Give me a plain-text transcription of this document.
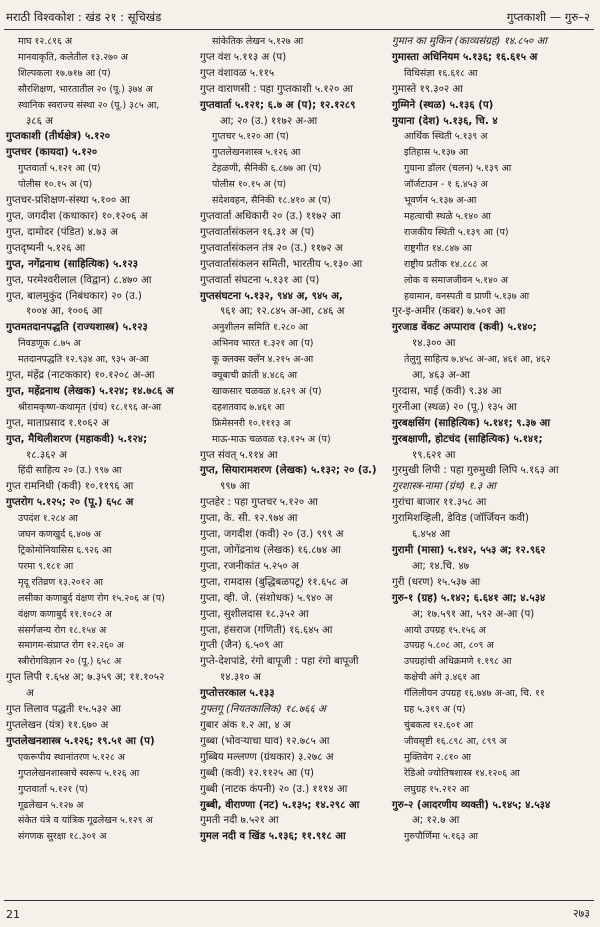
मराठी विश्वकोश : खंड २१ : सूचिखंड	गुप्तकाशी — गुरु–२
माघ १२.८१६ अ
मानवाकृति, कलेतील १३.२७० अ
शिल्पकला १७.७१७ आ (प)
सौरशिक्षण, भारतातील २० (पू.) ३७४ अ
स्थानिक स्वराज्य संस्था २० (पू.) ३८५ आ,
३८६ अ
गुप्तकाशी (तीर्थक्षेत्र) ५.१२०
गुप्तचर (कायदा) ५.१२०
गुप्तवार्ता ५.१२१ आ (प)
पोलीस १०.१५ अ (प)
गुप्तचर-प्रशिक्षण-संस्था ५.१०० आ
गुप्त, जगदीश (कथाकार) १०.१२०६ अ
गुप्त, दामोदर (पंडित) ४.७३ अ
गुप्तदृष्यनी ५.१२६ आ
गुप्त, नगेंद्रनाथ (साहित्यिक) ५.१२३
गुप्त, परमेश्वरीलाल (विद्वान) ८.४७० आ
गुप्त, बालमुकुंद (निबंधकार) २० (उ.)
१००४ आ, १००६ आ
गुप्तमतदानपद्धति (राज्यशास्त्र) ५.१२३
निवडणूक ८.७५ अ
मतदानपद्धति १२.९३४ आ, ९३५ अ-आ
गुप्त, मंहेंद्र (नाटककार) १०.१२०८ अ-आ
गुप्त, महेंद्रनाथ (लेखक) ५.१२४; १४.७८६ अ
श्रीरामकृष्ण-कथामृत (ग्रंथ) १८.१९६ अ-आ
गुप्त, माताप्रसाद १.१०६२ अ
गुप्त, मैथिलीशरण (महाकवी) ५.१२४;
१८.३६२ अ
हिंदी साहित्य २० (उ.) ९९७ आ
गुप्त रामनिधी (कवी) १०.११९६ आ
गुप्तरोग ५.१२५; २० (पू.) ६५८ अ
उपदंश १.२८४ आ
जघन कणखुर्द ६.४०७ अ
ट्रिकोमोनियासिस ६.९२६ आ
परमा ९.१८१ आ
मृदू रतिव्रण १३.२०१२ आ
लसीका कणाबुर्द वंक्षण रोग १५.२०६ अ (प)
वंक्षण कणाबुर्द ११.१०८२ अ
संसर्गजन्य रोग १८.१५४ अ
समागम-संप्राप्त रोग १२.२६० अ
स्त्रीरोगविज्ञान २० (पू.) ६५८ अ
गुप्त लिपी १.६५४ अ; ७.३५९ अ; ११.१०५२
अ
गुप्त लिलाव पद्धती १५.५३२ आ
गुप्तलेखन (यंत्र) ११.६७० अ
गुप्तलेखनशास्त्र ५.१२६; १९.५१ आ (प)
एकरूपीय स्थानांतरण ५.१२८ अ
गुप्तलेखनशास्त्राचे स्वरूप ५.१२६ आ
गुप्तवार्ता ५.१२१ (प)
गूढलेखन ५.१२७ अ
संकेत यंत्रे व यांत्रिक गूढलेखन ५.१२९ अ
संगणक सुरक्षा १८.३०१ अ
सांकेतिक लेखन ५.१२७ आ
गुप्त वंश ५.११३ अ (प)
गुप्त वंशावळ ५.११५
गुप्त वाराणसी : पहा गुप्तकाशी ५.१२० आ
गुप्तवार्ता ५.१२१; ६.७ अ (प); १२.१२८९
आ; २० (उ.) ११७२ अ-आ
गुप्तचर ५.१२० आ (प)
गुप्तलेखनशास्त्र ५.१२६ आ
टेहळणी, सैनिकी ६.८७७ आ (प)
पोलीस १०.१५ अ (प)
संदेशवहन, सैनिकी १८.४१० अ (प)
गुप्तवार्ता अधिकारी २० (उ.) ११७२ आ
गुप्तवार्तासंकलन १६.३१ अ (प)
गुप्तवार्तासंकलन तंत्र २० (उ.) ११७२ अ
गुप्तवार्तासंकलन समिती, भारतीय ५.१३० आ
गुप्तवार्ता संघटना ५.१३१ आ (प)
गुप्तसंघटना ५.१३२, ९४४ अ, ९४५ अ,
९६१ आ; १२.८४५ अ-आ, ८४६ अ
अनुशीलन समिति १.२८० आ
अभिनव भारत १.३२१ आ (प)
कू क्लक्स क्लॅन ४.२१५ अ-आ
क्यूबाची क्रांती ४.४८६ आ
खाकसार चळवळ ४.६२९ अ (प)
दहशतवाद ७.४६१ आ
फ्रिमेसनरी १०.१११३ अ
माऊ-माऊ चळवळ १३.१२५ अ (प)
गुप्त संवत् ५.११४ आ
गुप्त, सियारामशरण (लेखक) ५.१३२; २० (उ.)
९९७ आ
गुप्तहेर : पहा गुप्तचर ५.१२० आ
गुप्ता, के. सी. १२.९७४ आ
गुप्ता, जगदीश (कवी) २० (उ.) ९९९ अ
गुप्ता, जोगेंद्रनाथ (लेखक) १६.८७४ आ
गुप्ता, रजनीकांत ५.२५० अ
गुप्ता, रामदास (बुद्धिबळपटू) ११.६५८ अ
गुप्ता, व्ही. जे. (संशोधक) ५.९४० अ
गुप्ता, सुशीलदास १८.३५२ आ
गुप्ता, हंसराज (गणिती) १६.६४५ आ
गुप्ती (जैन) ६.५०९ आ
गुप्ते-देशपांडे, रंगो बापूजी : पहा रंगो बापूजी
१४.३१० अ
गुप्तोत्तरकाल ५.१३३
गुफ्तगू (नियतकालिक) १८.७६६ अ
गुबार अंक १.२ आ, ४ अ
गुब्बा (भोवऱ्याचा घाव) १२.७८५ आ
गुब्बिय मल्लण्ण (ग्रंथकार) ३.२७८ अ
गुब्बी (कवी) १२.११२५ आ (प)
गुब्बी (नाटक कंपनी) २० (उ.) १११४ आ
गुब्बी, वीराण्णा (नट) ५.१३५; १४.२९८ आ
गुमती नदी ७.५२१ आ
गुमल नदी व खिंड ५.१३६; ११.९१८ आ
गुमान का मुकिन (काव्यसंग्रह) १४.८५० आ
गुमास्ता अधिनियम ५.१३६; १६.६१५ अ
विधिसंज्ञा १६.६१८ आ
गुमास्ते १९.३०२ आ
गुम्मिने (स्थळ) ५.१३६ (प)
गुयाना (देश) ५.१३६, चि. ४
आर्थिक स्थिती ५.१३९ अ
इतिहास ५.१३७ आ
गुयाना डॉलर (चलन) ५.१३९ आ
जॉर्जटाउन - १ ६.४५३ अ
भूवर्णन ५.१३७ अ-आ
महत्वाची स्थळे ५.१४० आ
राजकीय स्थिती ५.१३९ आ (प)
राष्ट्रगीत १४.८४७ आ
राष्ट्रीय प्रतीक १४.८८८ अ
लोक व समाजजीवन ५.१४० अ
हवामान, वनस्पती व प्राणी ५.१३७ आ
गुर-इ-अमीर (कबर) ७.५०१ आ
गुरजाड वेंकट अप्पाराव (कवी) ५.१४०;
१४.३०० आ
तेलुगु साहित्य ७.४५८ अ-आ, ४६१ आ, ४६२
आ, ४६३ अ-आ
गुरदास, भाई (कवी) ९.३४ आ
गुरनीआ (स्थळ) २० (पू.) १३५ आ
गुरबक्षसिंग (साहित्यिक) ५.१४१; ९.३७ आ
गुरबक्षाणी, होटचंद (साहित्यिक) ५.१४१;
१९.६२१ आ
गुरमुखी लिपी : पहा गुरुमुखी लिपि ५.१६३ आ
गुरशास्त्र-नामा (ग्रंथ) १.३ आ
गुरांचा बाजार ११.३५८ आ
गुरामिशव्हिली, डेविड (जॉर्जियन कवी)
६.४५४ आ
गुरामी (मासा) ५.१४२, ५५३ अ; १२.९६२
आ; १४.चि. ४७
गुरी (धरण) १५.५३७ आ
गुरु-१ (ग्रह) ५.१४२; ६.६४१ आ; ४.५३४
अ; १७.५९१ आ, ५९२ अ-आ (प)
आयो उपग्रह १५.१५६ अ
उपग्रह ५.८०८ आ, ८०९ अ
उपग्रहांची अधिक्रमणे १.१९८ आ
कक्षेची अंगे ३.४६१ आ
गॅलिलीयन उपग्रह १६.७४७ अ-आ, चि. ११
ग्रह ५.३१९ अ (प)
चुंबकत्व १२.६०१ आ
जीवसृष्टी १६.८९८ आ, ८९९ अ
मुक्तिवेग २.८१० आ
रेडिओ ज्योतिषशास्त्र १४.१२०६ आ
लघुग्रह १५.२१२ आ
गुरु-२ (आदरणीय व्यक्ती) ५.१४५; ४.५३४
अ; १२.७ आ
गुरुपौर्णिमा ५.१६३ आ
21	२७३
